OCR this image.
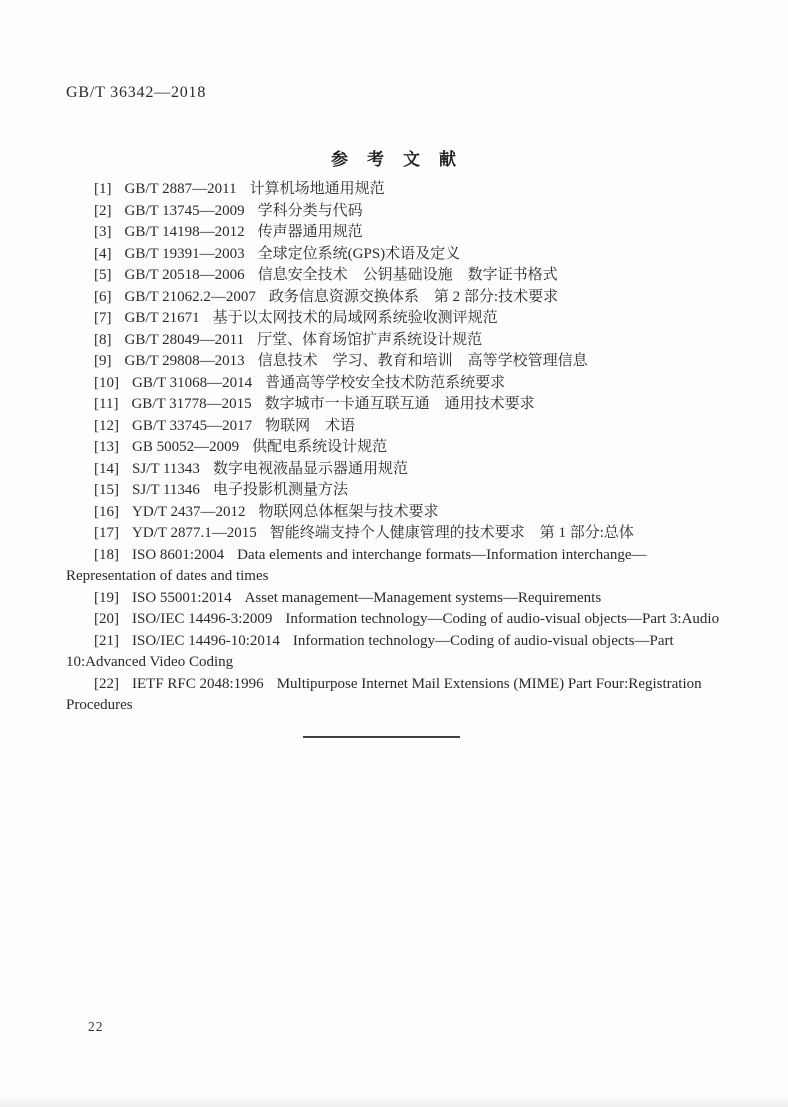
GB/T 36342—2018
参　考　文　献

[1] GB/T 2887—2011 计算机场地通用规范

[2] GB/T 13745—2009 学科分类与代码

[3] GB/T 14198—2012 传声器通用规范

[4] GB/T 19391—2003 全球定位系统(GPS)术语及定义

[5] GB/T 20518—2006 信息安全技术　公钥基础设施　数字证书格式

[6] GB/T 21062.2—2007 政务信息资源交换体系　第 2 部分:技术要求

[7] GB/T 21671 基于以太网技术的局域网系统验收测评规范

[8] GB/T 28049—2011 厅堂、体育场馆扩声系统设计规范

[9] GB/T 29808—2013 信息技术　学习、教育和培训　高等学校管理信息

[10] GB/T 31068—2014 普通高等学校安全技术防范系统要求

[11] GB/T 31778—2015 数字城市一卡通互联互通　通用技术要求

[12] GB/T 33745—2017 物联网　术语

[13] GB 50052—2009 供配电系统设计规范

[14] SJ/T 11343 数字电视液晶显示器通用规范

[15] SJ/T 11346 电子投影机测量方法

[16] YD/T 2437—2012 物联网总体框架与技术要求

[17] YD/T 2877.1—2015 智能终端支持个人健康管理的技术要求　第 1 部分:总体

[18] ISO 8601:2004 Data elements and interchange formats—Information interchange—Representation of dates and times

[19] ISO 55001:2014 Asset management—Management systems—Requirements

[20] ISO/IEC 14496-3:2009 Information technology—Coding of audio-visual objects—Part 3:Audio

[21] ISO/IEC 14496-10:2014 Information technology—Coding of audio-visual objects—Part 10:Advanced Video Coding

[22] IETF RFC 2048:1996 Multipurpose Internet Mail Extensions (MIME) Part Four:Registration Procedures

22
